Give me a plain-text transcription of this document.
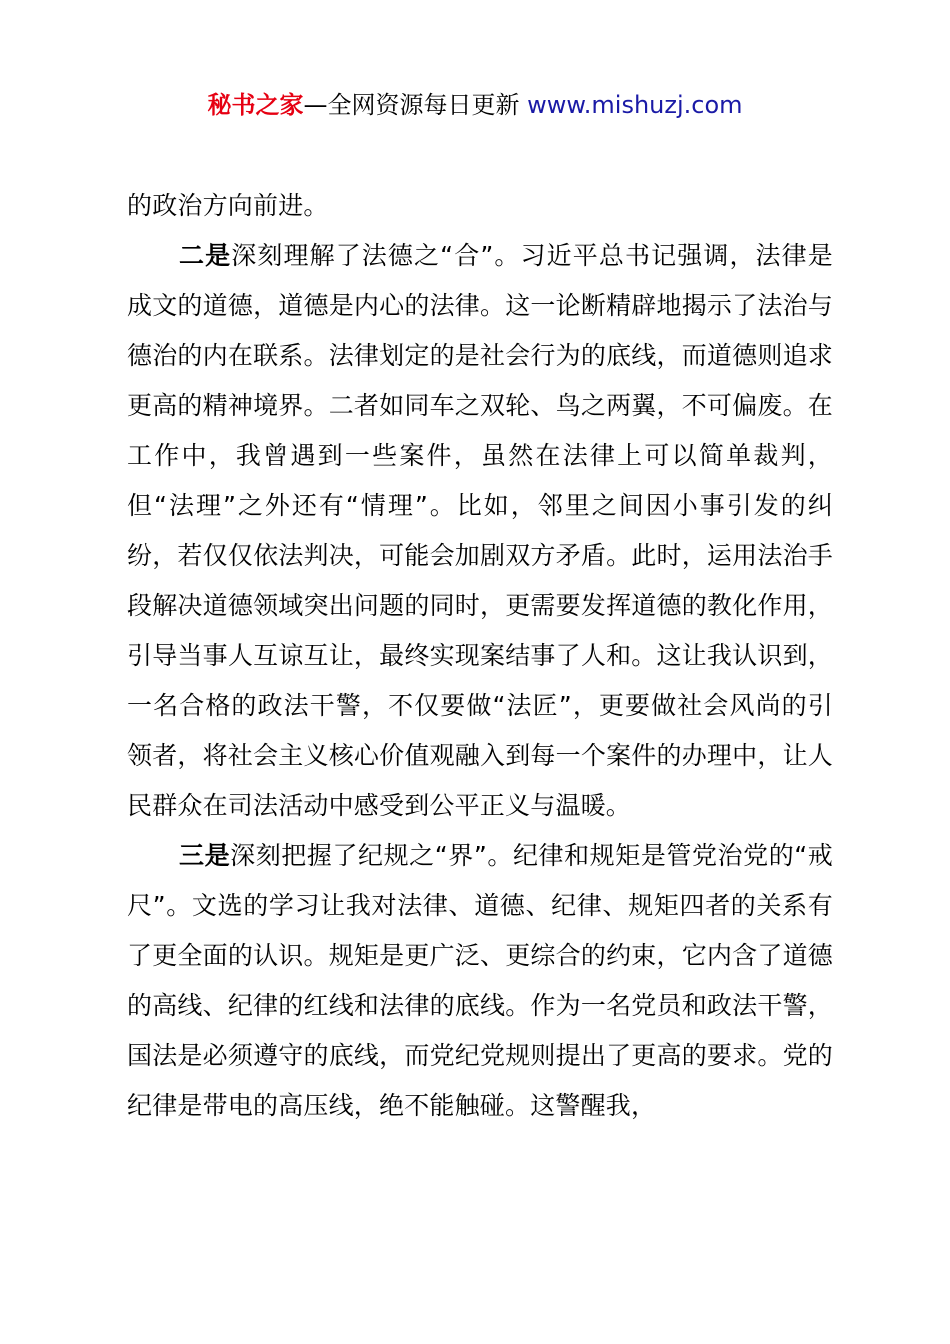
秘书之家—全网资源每日更新 www.mishuzj.com

的政治方向前进。

二是深刻理解了法德之“合”。习近平总书记强调，法律是成文的道德，道德是内心的法律。这一论断精辟地揭示了法治与德治的内在联系。法律划定的是社会行为的底线，而道德则追求更高的精神境界。二者如同车之双轮、鸟之两翼，不可偏废。在工作中，我曾遇到一些案件，虽然在法律上可以简单裁判，但“法理”之外还有“情理”。比如，邻里之间因小事引发的纠纷，若仅仅依法判决，可能会加剧双方矛盾。此时，运用法治手段解决道德领域突出问题的同时，更需要发挥道德的教化作用，引导当事人互谅互让，最终实现案结事了人和。这让我认识到，一名合格的政法干警，不仅要做“法匠”，更要做社会风尚的引领者，将社会主义核心价值观融入到每一个案件的办理中，让人民群众在司法活动中感受到公平正义与温暖。

三是深刻把握了纪规之“界”。纪律和规矩是管党治党的“戒尺”。文选的学习让我对法律、道德、纪律、规矩四者的关系有了更全面的认识。规矩是更广泛、更综合的约束，它内含了道德的高线、纪律的红线和法律的底线。作为一名党员和政法干警，国法是必须遵守的底线，而党纪党规则提出了更高的要求。党的纪律是带电的高压线，绝不能触碰。这警醒我，
